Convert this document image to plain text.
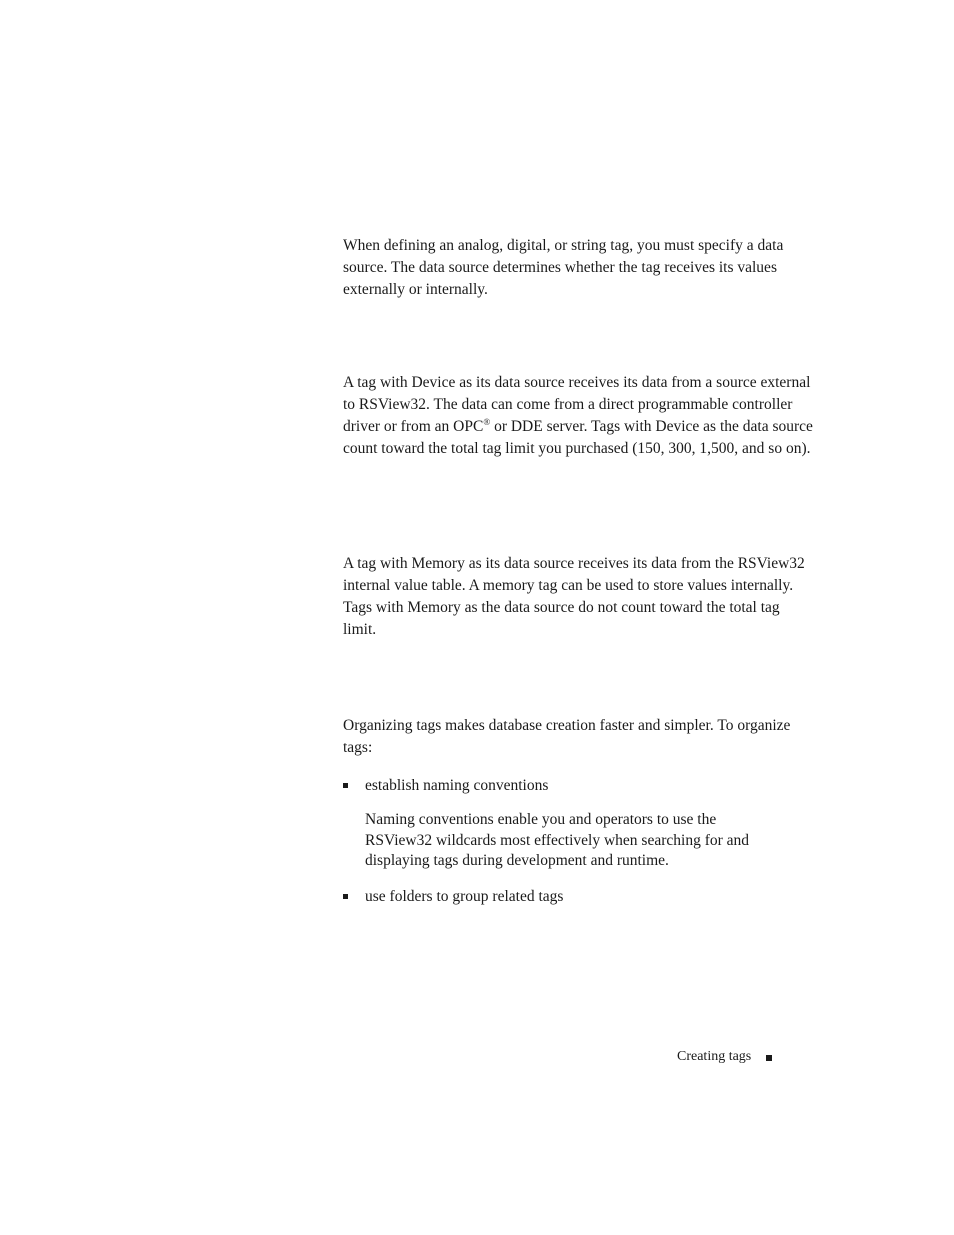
When defining an analog, digital, or string tag, you must specify a data source. The data source determines whether the tag receives its values externally or internally.

A tag with Device as its data source receives its data from a source external to RSView32. The data can come from a direct programmable controller driver or from an OPC® or DDE server. Tags with Device as the data source count toward the total tag limit you purchased (150, 300, 1,500, and so on).

A tag with Memory as its data source receives its data from the RSView32 internal value table. A memory tag can be used to store values internally. Tags with Memory as the data source do not count toward the total tag limit.

Organizing tags makes database creation faster and simpler. To organize tags:

establish naming conventions

Naming conventions enable you and operators to use the RSView32 wildcards most effectively when searching for and displaying tags during development and runtime.

use folders to group related tags
Creating tags
